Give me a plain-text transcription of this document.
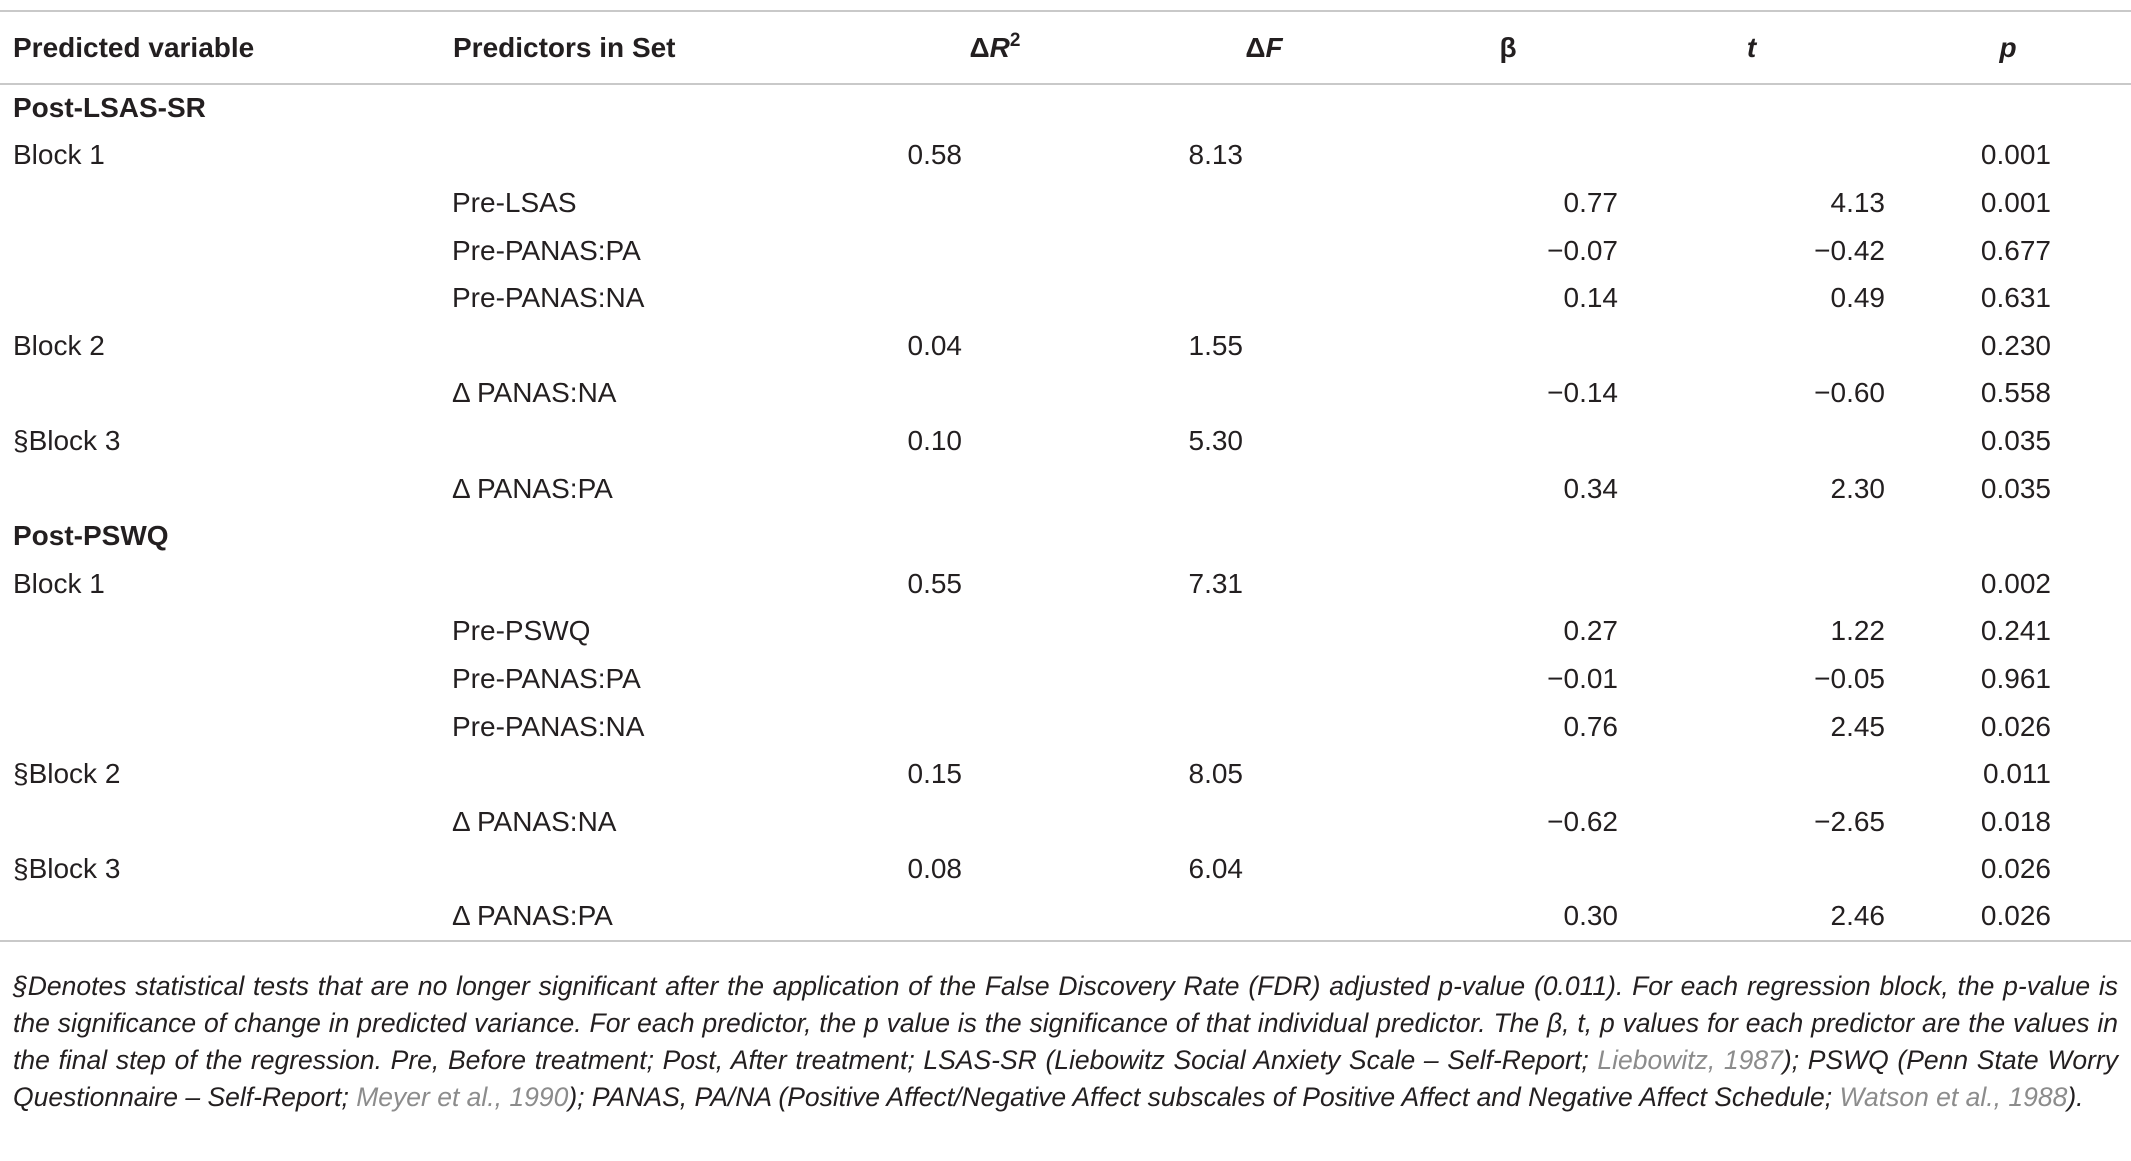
Predicted variable	Predictors in Set	$\Delta R^2$	ΔF	β	t	p
Post-LSAS-SR						
Block 1		0.58	8.13			0.001
	Pre-LSAS			0.77	4.13	0.001
	Pre-PANAS:PA			−0.07	−0.42	0.677
	Pre-PANAS:NA			0.14	0.49	0.631
Block 2		0.04	1.55			0.230
	Δ PANAS:NA			−0.14	−0.60	0.558
§Block 3		0.10	5.30			0.035
	Δ PANAS:PA			0.34	2.30	0.035
Post-PSWQ						
Block 1		0.55	7.31			0.002
	Pre-PSWQ			0.27	1.22	0.241
	Pre-PANAS:PA			−0.01	−0.05	0.961
	Pre-PANAS:NA			0.76	2.45	0.026
§Block 2		0.15	8.05			0.011
	Δ PANAS:NA			−0.62	−2.65	0.018
§Block 3		0.08	6.04			0.026
	Δ PANAS:PA			0.30	2.46	0.026
§Denotes statistical tests that are no longer significant after the application of the False Discovery Rate (FDR) adjusted p-value (0.011). For each regression block, the p-value is the significance of change in predicted variance. For each predictor, the p value is the significance of that individual predictor. The β, t, p values for each predictor are the values in the final step of the regression. Pre, Before treatment; Post, After treatment; LSAS-SR (Liebowitz Social Anxiety Scale – Self-Report; Liebowitz, 1987); PSWQ (Penn State Worry Questionnaire – Self-Report; Meyer et al., 1990); PANAS, PA/NA (Positive Affect/Negative Affect subscales of Positive Affect and Negative Affect Schedule; Watson et al., 1988).
